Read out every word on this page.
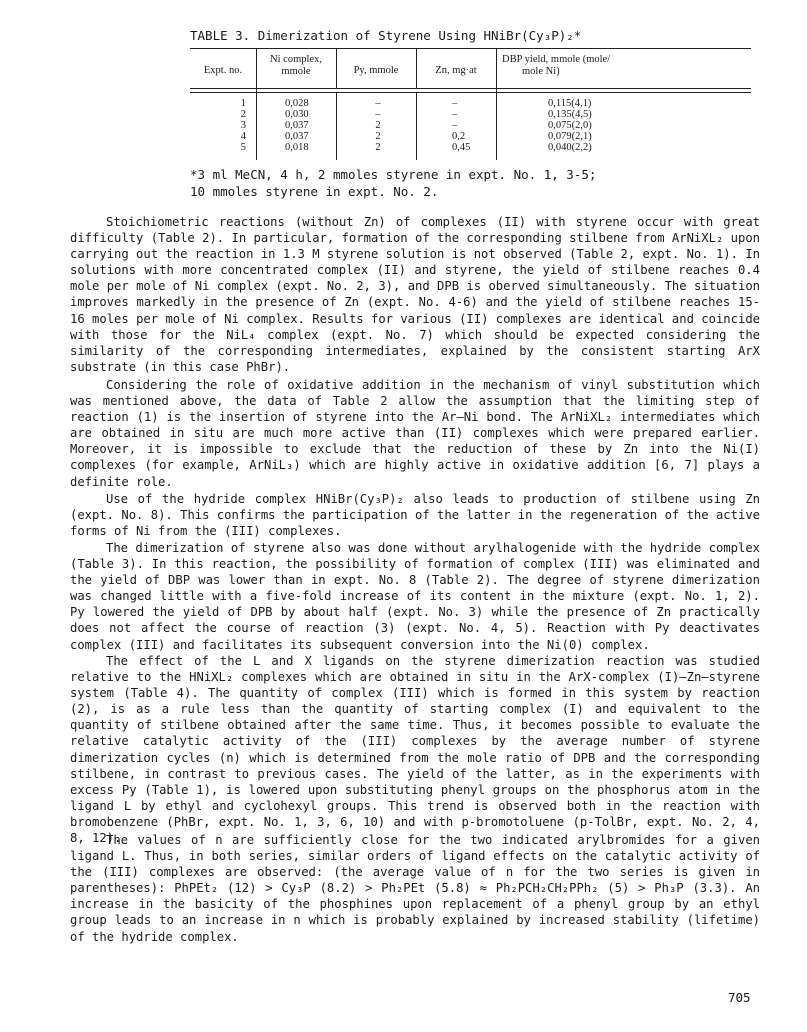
TABLE 3. Dimerization of Styrene Using HNiBr(Cy₃P)₂*
Expt. no.
Ni complex,
mmole	Py, mmole	Zn, mg·at
DBP yield, mmole (mole/
mole Ni)
1
2
3
4
5
0,028
0,030
0,037
0,037
0,018
–
–
2
2
2
–
–
–
0,2
0,45
0,115(4,1)
0,135(4,5)
0,075(2,0)
0,079(2,1)
0,040(2,2)
*3 ml MeCN, 4 h, 2 mmoles styrene in expt. No. 1, 3-5;
10 mmoles styrene in expt. No. 2.

Stoichiometric reactions (without Zn) of complexes (II) with styrene occur with great difficulty (Table 2). In particular, formation of the corresponding stilbene from ArNiXL₂ upon carrying out the reaction in 1.3 M styrene solution is not observed (Table 2, expt. No. 1). In solutions with more concentrated complex (II) and styrene, the yield of stilbene reaches 0.4 mole per mole of Ni complex (expt. No. 2, 3), and DPB is oberved simultaneously. The situation improves markedly in the presence of Zn (expt. No. 4-6) and the yield of stilbene reaches 15-16 moles per mole of Ni complex. Results for various (II) complexes are identical and coincide with those for the NiL₄ complex (expt. No. 7) which should be expected considering the similarity of the corresponding intermediates, explained by the consistent starting ArX substrate (in this case PhBr).

Considering the role of oxidative addition in the mechanism of vinyl substitution which was mentioned above, the data of Table 2 allow the assumption that the limiting step of reaction (1) is the insertion of styrene into the Ar–Ni bond. The ArNiXL₂ intermediates which are obtained in situ are much more active than (II) complexes which were prepared earlier. Moreover, it is impossible to exclude that the reduction of these by Zn into the Ni(I) complexes (for example, ArNiL₃) which are highly active in oxidative addition [6, 7] plays a definite role.

Use of the hydride complex HNiBr(Cy₃P)₂ also leads to production of stilbene using Zn (expt. No. 8). This confirms the participation of the latter in the regeneration of the active forms of Ni from the (III) complexes.

The dimerization of styrene also was done without arylhalogenide with the hydride complex (Table 3). In this reaction, the possibility of formation of complex (III) was eliminated and the yield of DBP was lower than in expt. No. 8 (Table 2). The degree of styrene dimerization was changed little with a five-fold increase of its content in the mixture (expt. No. 1, 2). Py lowered the yield of DPB by about half (expt. No. 3) while the presence of Zn practically does not affect the course of reaction (3) (expt. No. 4, 5). Reaction with Py deactivates complex (III) and facilitates its subsequent conversion into the Ni(0) complex.

The effect of the L and X ligands on the styrene dimerization reaction was studied relative to the HNiXL₂ complexes which are obtained in situ in the ArX-complex (I)–Zn–styrene system (Table 4). The quantity of complex (III) which is formed in this system by reaction (2), is as a rule less than the quantity of starting complex (I) and equivalent to the quantity of stilbene obtained after the same time. Thus, it becomes possible to evaluate the relative catalytic activity of the (III) complexes by the average number of styrene dimerization cycles (n) which is determined from the mole ratio of DPB and the corresponding stilbene, in contrast to previous cases. The yield of the latter, as in the experiments with excess Py (Table 1), is lowered upon substituting phenyl groups on the phosphorus atom in the ligand L by ethyl and cyclohexyl groups. This trend is observed both in the reaction with bromobenzene (PhBr, expt. No. 1, 3, 6, 10) and with p-bromotoluene (p-TolBr, expt. No. 2, 4, 8, 12).

The values of n are sufficiently close for the two indicated arylbromides for a given ligand L. Thus, in both series, similar orders of ligand effects on the catalytic activity of the (III) complexes are observed: (the average value of n for the two series is given in parentheses): PhPEt₂ (12) > Cy₃P (8.2) > Ph₂PEt (5.8) ≈ Ph₂PCH₂CH₂PPh₂ (5) > Ph₃P (3.3). An increase in the basicity of the phosphines upon replacement of a phenyl group by an ethyl group leads to an increase in n which is probably explained by increased stability (lifetime) of the hydride complex.

705
